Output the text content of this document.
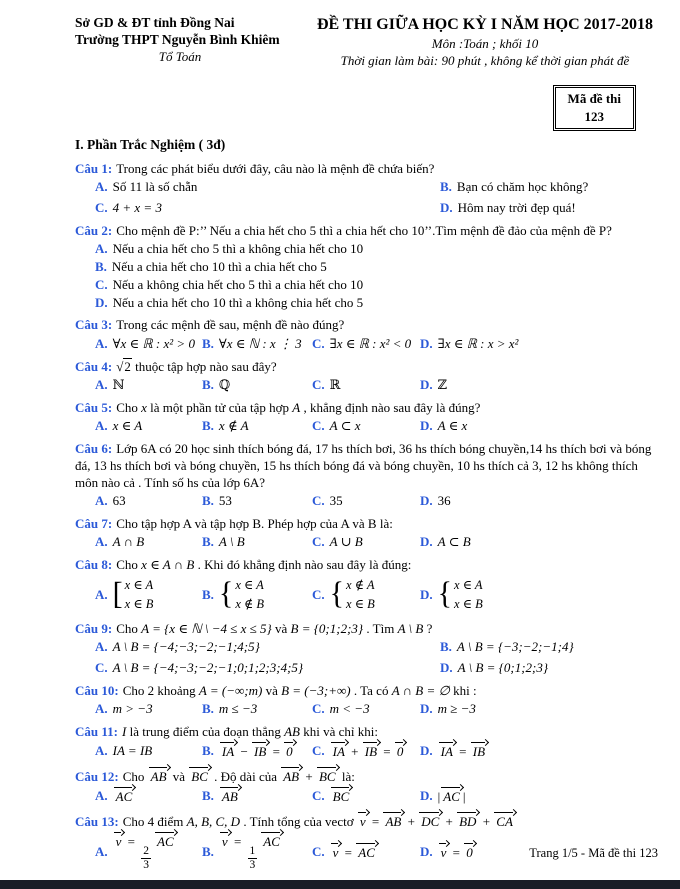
Sở GD & ĐT tỉnh Đồng Nai
Trường THPT Nguyễn Bình Khiêm
Tổ Toán
ĐỀ THI GIỮA HỌC KỲ I NĂM HỌC 2017-2018
Môn :Toán ; khối 10
Thời gian làm bài: 90 phút , không kể thời gian phát đề
Mã đề thi
123
I. Phần Trắc Nghiệm ( 3đ)
Câu 1: Trong các phát biểu dưới đây, câu nào là mệnh đề chứa biến?
A. Số 11 là số chẵn	B. Bạn có chăm học không?
C. 4 + x = 3	D. Hôm nay trời đẹp quá!
Câu 2: Cho mệnh đề P:’’ Nếu a chia hết cho 5 thì a chia hết cho 10’’.Tìm mệnh đề đảo của mệnh đề P?
A. Nếu a chia hết cho 5 thì a không chia hết cho 10
B. Nếu a chia hết cho 10 thì a chia hết cho 5
C. Nếu a không chia hết cho 5 thì a chia hết cho 10
D. Nếu a chia hết cho 10 thì a không chia hết cho 5
Câu 3: Trong các mệnh đề sau, mệnh đề nào đúng?
A. ∀x ∈ ℝ : x² > 0 B. ∀x ∈ ℕ : x ⋮ 3 C. ∃x ∈ ℝ : x² < 0 D. ∃x ∈ ℝ : x > x²
Câu 4: √2 thuộc tập hợp nào sau đây?
A. ℕ	B. ℚ	C. ℝ	D. ℤ
Câu 5: Cho x là một phần tử của tập hợp A , khẳng định nào sau đây là đúng?
A. x ∈ A	B. x ∉ A	C. A ⊂ x	D. A ∈ x
Câu 6: Lớp 6A có 20 học sinh thích bóng đá, 17 hs thích bơi, 36 hs thích bóng chuyền,14 hs thích bơi và bóng đá, 13 hs thích bơi và bóng chuyền, 15 hs thích bóng đá và bóng chuyền, 10 hs thích cả 3, 12 hs không thích môn nào cả . Tính số hs của lớp 6A?
A. 63	B. 53	C. 35	D. 36
Câu 7: Cho tập hợp A và tập hợp B. Phép hợp của A và B là:
A. A ∩ B	B. A \ B	C. A ∪ B	D. A ⊂ B
Câu 8: Cho x ∈ A ∩ B . Khi đó khẳng định nào sau đây là đúng:
A. [ x ∈ A
x ∈ B
B. { x ∈ A
x ∉ B
C. { x ∉ A
x ∈ B
D. { x ∈ A
x ∈ B
Câu 9: Cho A = {x ∈ ℕ \ −4 ≤ x ≤ 5} và B = {0;1;2;3} . Tìm A \ B ?
A. A \ B = {−4;−3;−2;−1;4;5}	B. A \ B = {−3;−2;−1;4}
C. A \ B = {−4;−3;−2;−1;0;1;2;3;4;5}	D. A \ B = {0;1;2;3}
Câu 10: Cho 2 khoảng A = (−∞;m) và B = (−3;+∞) . Ta có A ∩ B = ∅ khi :
A. m > −3	B. m ≤ −3	C. m < −3	D. m ≥ −3
Câu 11: I là trung điểm của đoạn thẳng AB khi và chỉ khi:
A. IA = IB	B. IA − IB = 0 C. IA + IB = 0 D. IA = IB
Câu 12: Cho AB và BC . Độ dài của AB + BC là:
A. AC	B. AB	C. BC	D. | AC |
Câu 13: Cho 4 điểm A, B, C, D . Tính tổng của vectơ v = AB + DC + BD + CA
A.
v =
$\frac{2}{3}$
AC
B.
v =
$\frac{1}{3}$
AC
C. v = AC	D. v = 0	Trang 1/5 - Mã đề thi 123
